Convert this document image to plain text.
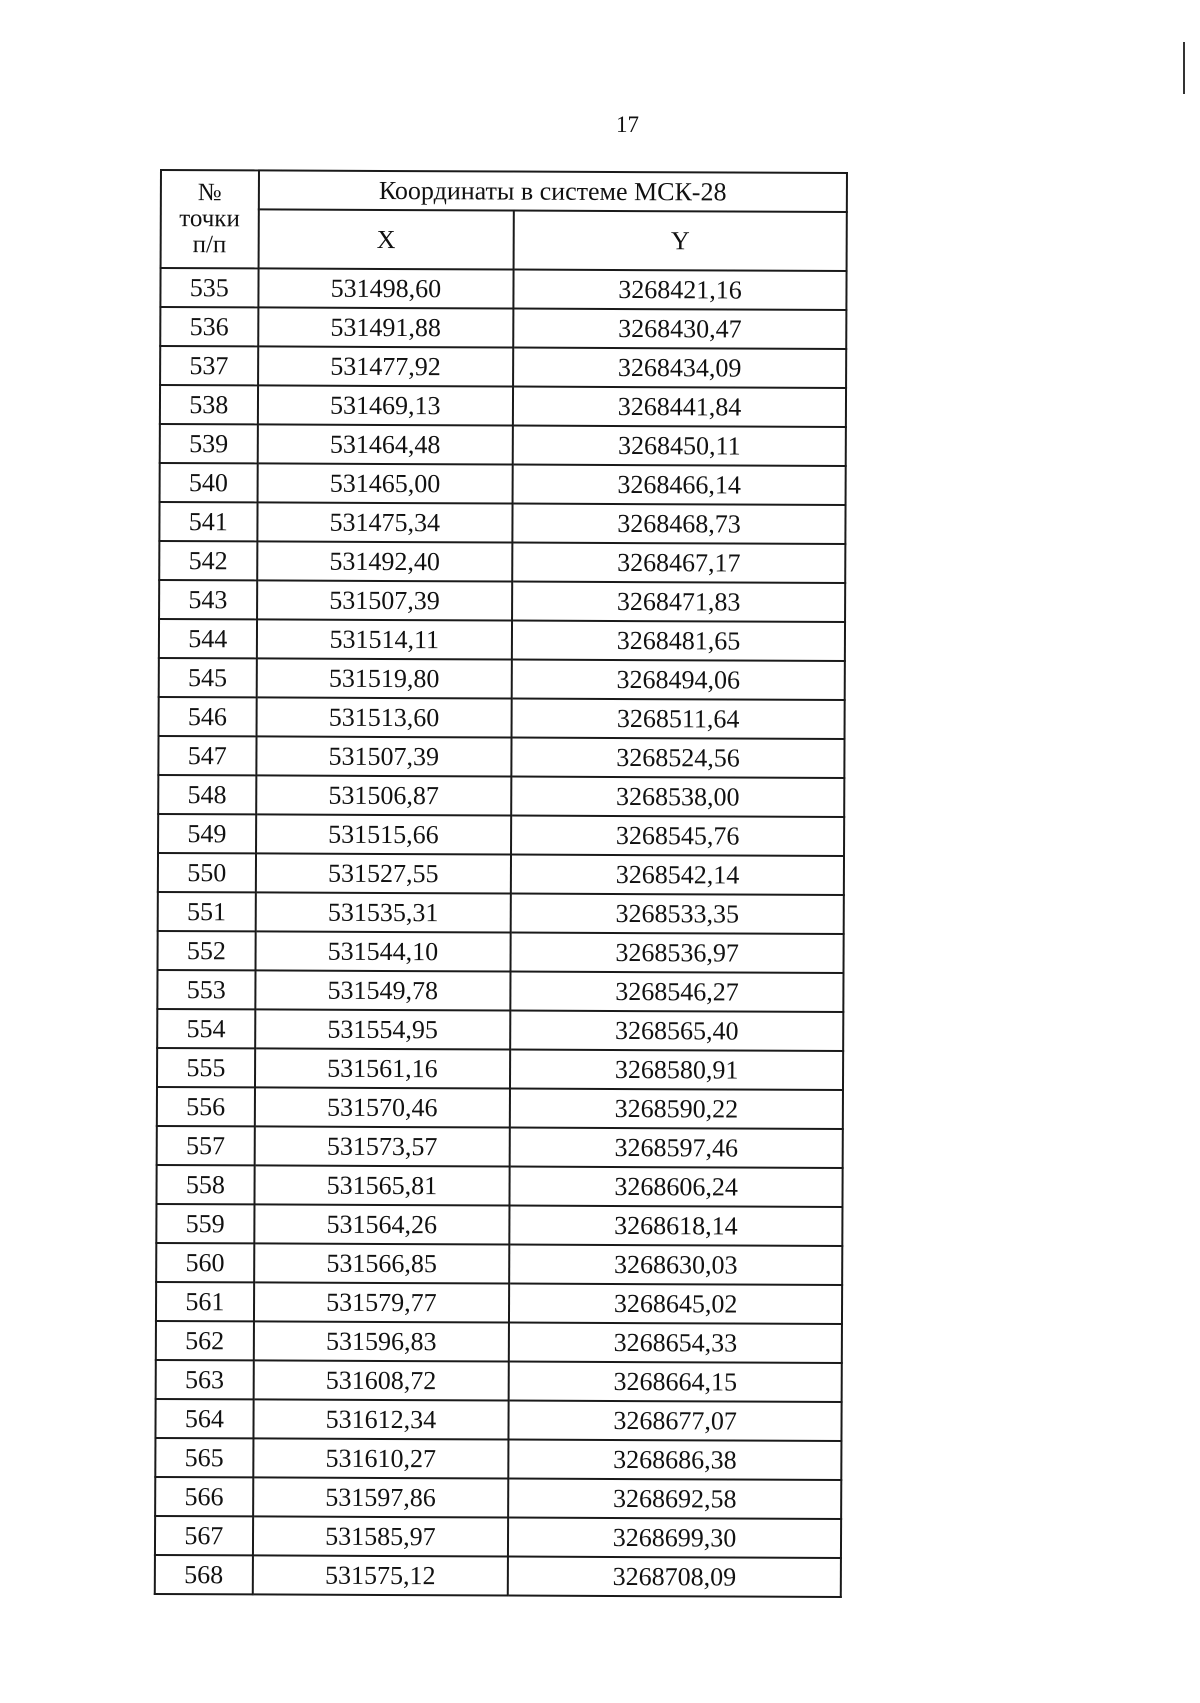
17
№
точки
п/п	Координаты в системе МСК-28	
	X	Y
535	531498,60	3268421,16
536	531491,88	3268430,47
537	531477,92	3268434,09
538	531469,13	3268441,84
539	531464,48	3268450,11
540	531465,00	3268466,14
541	531475,34	3268468,73
542	531492,40	3268467,17
543	531507,39	3268471,83
544	531514,11	3268481,65
545	531519,80	3268494,06
546	531513,60	3268511,64
547	531507,39	3268524,56
548	531506,87	3268538,00
549	531515,66	3268545,76
550	531527,55	3268542,14
551	531535,31	3268533,35
552	531544,10	3268536,97
553	531549,78	3268546,27
554	531554,95	3268565,40
555	531561,16	3268580,91
556	531570,46	3268590,22
557	531573,57	3268597,46
558	531565,81	3268606,24
559	531564,26	3268618,14
560	531566,85	3268630,03
561	531579,77	3268645,02
562	531596,83	3268654,33
563	531608,72	3268664,15
564	531612,34	3268677,07
565	531610,27	3268686,38
566	531597,86	3268692,58
567	531585,97	3268699,30
568	531575,12	3268708,09
